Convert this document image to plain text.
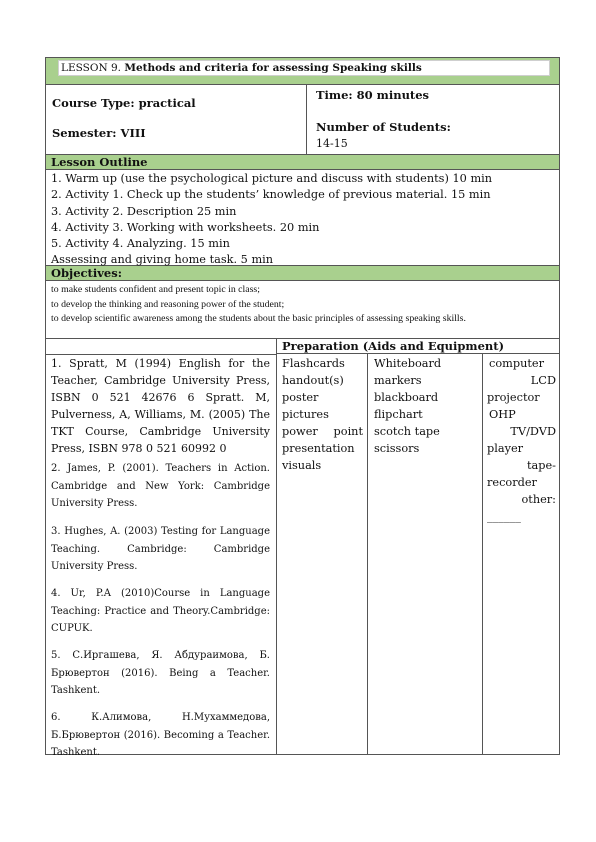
LESSON 9. Methods and criteria for assessing Speaking skills
Course Type: practical
Semester: VIII
Time: 80 minutes
Number of Students:
14-15
Lesson Outline
1. Warm up (use the psychological picture and discuss with students) 10 min
2. Activity 1. Check up the students’ knowledge of previous material. 15 min
3. Activity 2. Description 25 min
4. Activity 3. Working with worksheets. 20 min
5. Activity 4. Analyzing. 15 min
Assessing and giving home task. 5 min
Objectives:
to make students confident and present topic in class;
to develop the thinking and reasoning power of the student;
to develop scientific awareness among the students about the basic principles of assessing speaking skills.
1. Spratt, M (1994) English for the Teacher, Cambridge University Press, ISBN 0 521 42676 6 Spratt. M, Pulverness, A, Williams, M. (2005) The TKT Course, Cambridge University Press, ISBN 978 0 521 60992 0
2. James, P. (2001). Teachers in Action. Cambridge and New York: Cambridge University Press.
3. Hughes, A. (2003) Testing for Language Teaching. Cambridge: Cambridge University Press.
4. Ur, P.A (2010)Course in Language Teaching: Practice and Theory.Cambridge: CUPUK.
5. С.Иргашева, Я. Абдураимова, Б. Брювертон (2016). Being a Teacher. Tashkent.
6. К.Алимова, Н.Мухаммедова, Б.Брювертон (2016). Becoming a Teacher. Tashkent.
Preparation (Aids and Equipment)
Flashcards
handout(s)
poster
pictures
power point
presentation
visuals
Whiteboard
markers
blackboard
flipchart
scotch tape
scissors
computer
LCD
projector
OHP
TV/DVD
player
tape-
recorder
other:
______
